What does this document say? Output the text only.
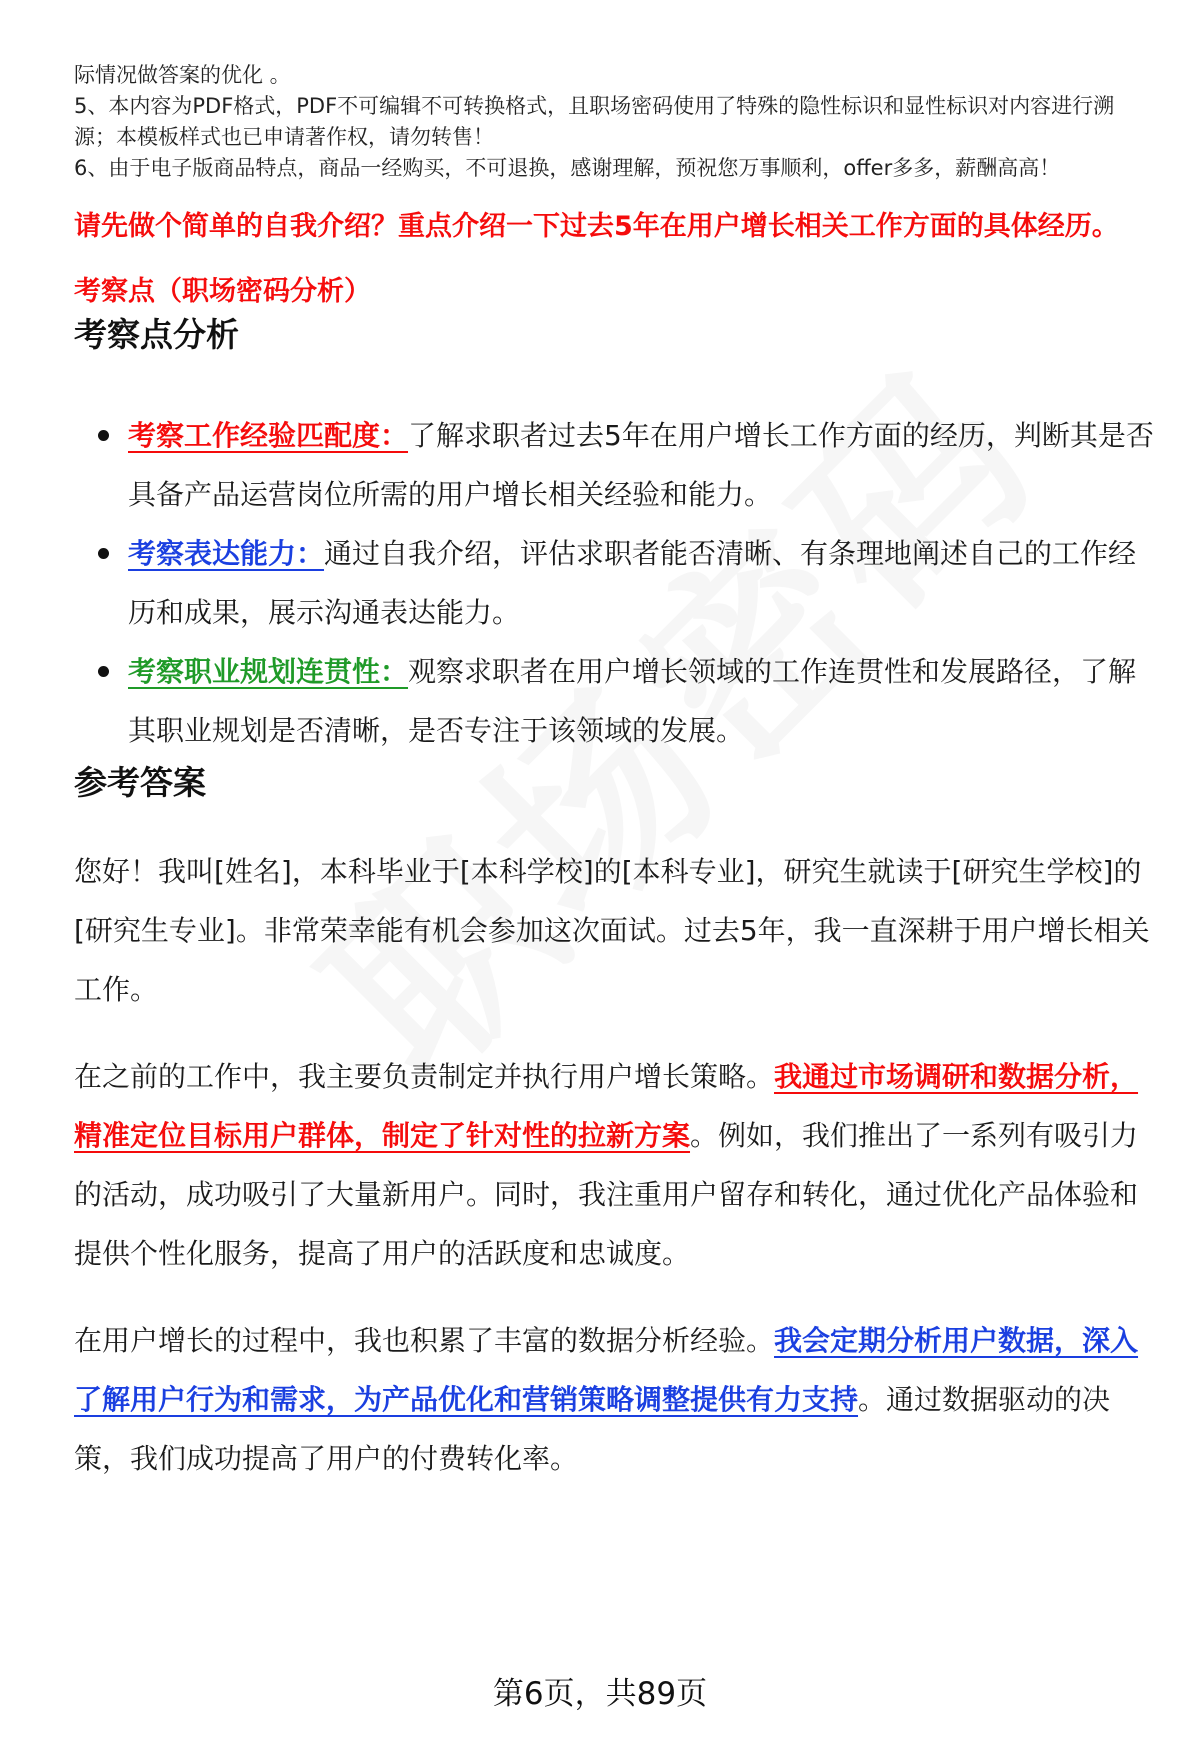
际情况做答案的优化 。

5、本内容为PDF格式，PDF不可编辑不可转换格式，且职场密码使用了特殊的隐性标识和显性标识对内容进行溯源；本模板样式也已申请著作权，请勿转售！

6、由于电子版商品特点，商品一经购买，不可退换，感谢理解，预祝您万事顺利，offer多多，薪酬高高！

请先做个简单的自我介绍？重点介绍一下过去5年在用户增长相关工作方面的具体经历。
考察点（职场密码分析）
考察点分析
考察工作经验匹配度：了解求职者过去5年在用户增长工作方面的经历，判断其是否具备产品运营岗位所需的用户增长相关经验和能力。
考察表达能力：通过自我介绍，评估求职者能否清晰、有条理地阐述自己的工作经历和成果，展示沟通表达能力。
考察职业规划连贯性：观察求职者在用户增长领域的工作连贯性和发展路径，了解其职业规划是否清晰，是否专注于该领域的发展。
参考答案

您好！我叫[姓名]，本科毕业于[本科学校]的[本科专业]，研究生就读于[研究生学校]的[研究生专业]。非常荣幸能有机会参加这次面试。过去5年，我一直深耕于用户增长相关工作。

在之前的工作中，我主要负责制定并执行用户增长策略。我通过市场调研和数据分析，精准定位目标用户群体，制定了针对性的拉新方案。例如，我们推出了一系列有吸引力的活动，成功吸引了大量新用户。同时，我注重用户留存和转化，通过优化产品体验和提供个性化服务，提高了用户的活跃度和忠诚度。

在用户增长的过程中，我也积累了丰富的数据分析经验。我会定期分析用户数据，深入了解用户行为和需求，为产品优化和营销策略调整提供有力支持。通过数据驱动的决策，我们成功提高了用户的付费转化率。

第6页，共89页
